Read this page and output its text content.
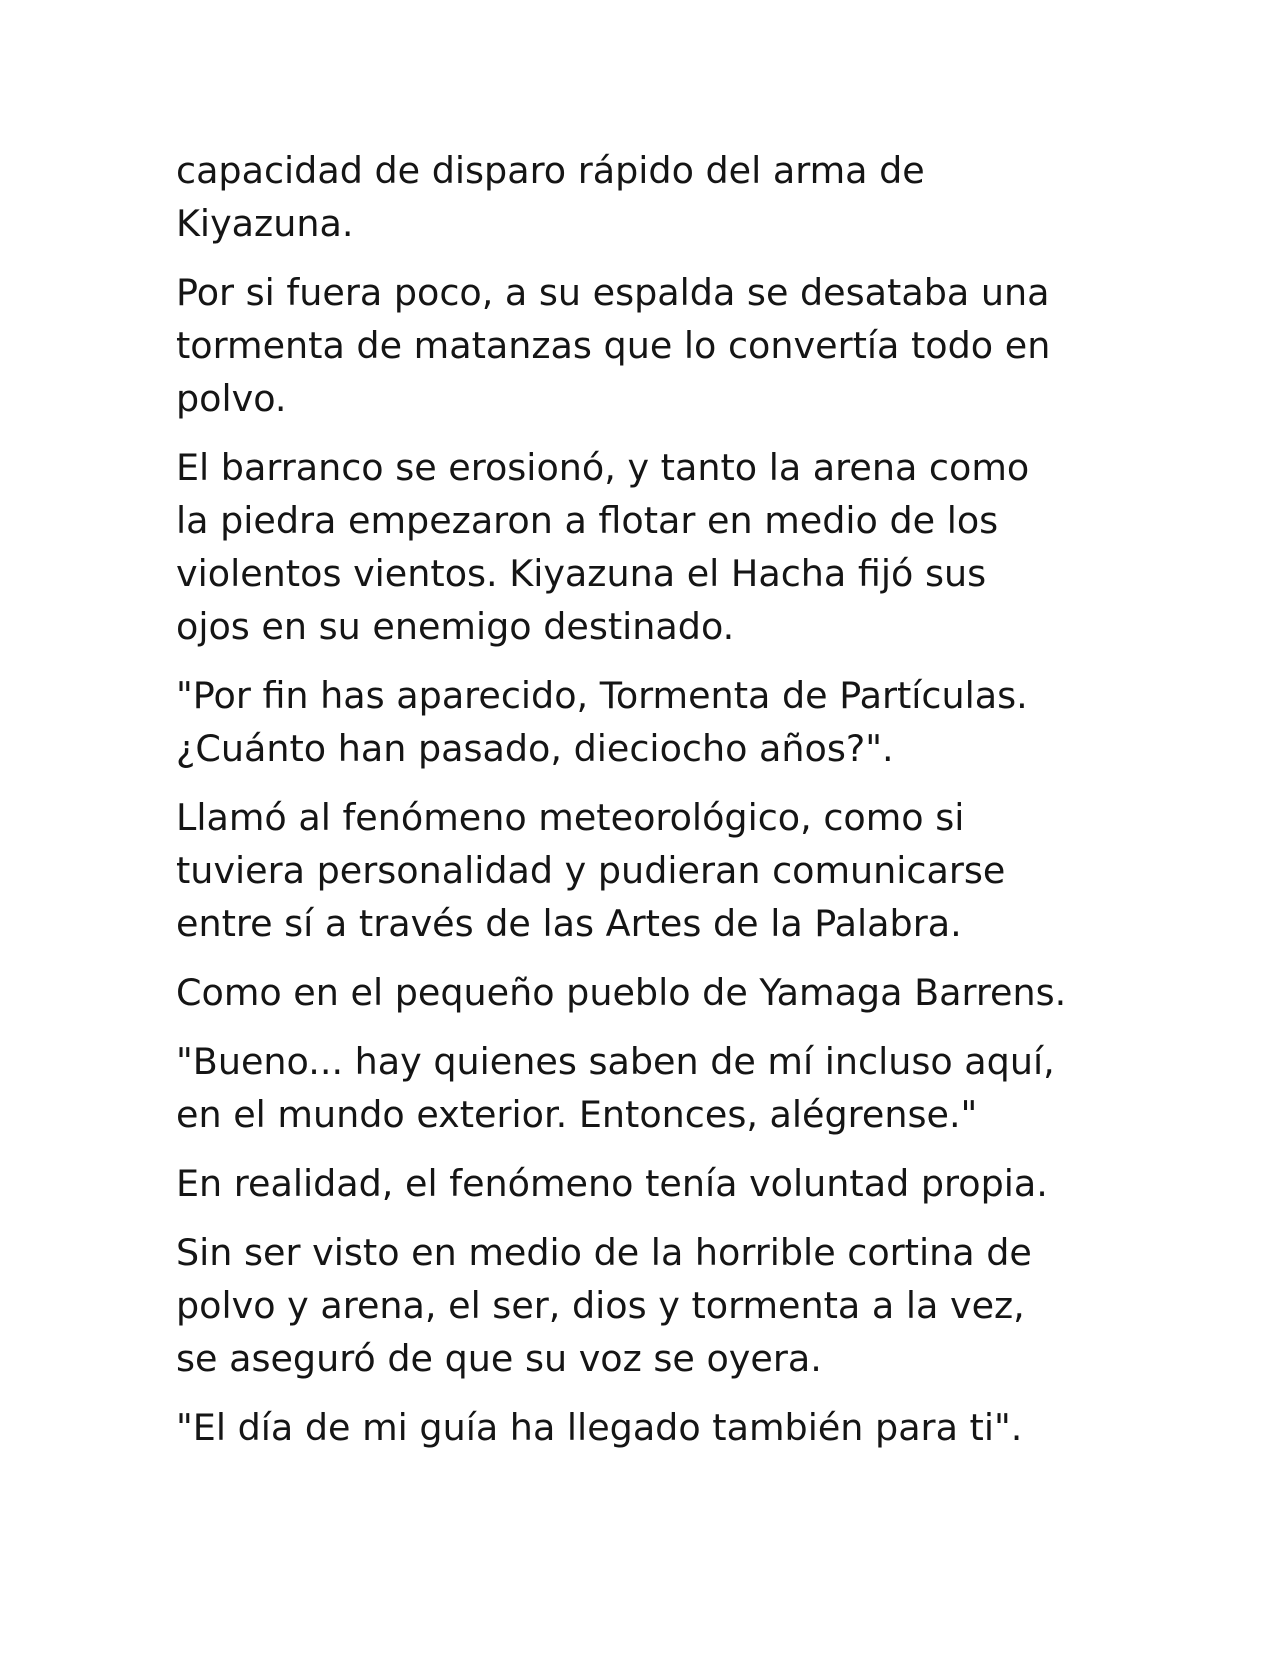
capacidad de disparo rápido del arma de
Kiyazuna.

Por si fuera poco, a su espalda se desataba una
tormenta de matanzas que lo convertía todo en
polvo.

El barranco se erosionó, y tanto la arena como
la piedra empezaron a flotar en medio de los
violentos vientos. Kiyazuna el Hacha fijó sus
ojos en su enemigo destinado.

"Por fin has aparecido, Tormenta de Partículas.
¿Cuánto han pasado, dieciocho años?".

Llamó al fenómeno meteorológico, como si
tuviera personalidad y pudieran comunicarse
entre sí a través de las Artes de la Palabra.

Como en el pequeño pueblo de Yamaga Barrens.

"Bueno... hay quienes saben de mí incluso aquí,
en el mundo exterior. Entonces, alégrense."

En realidad, el fenómeno tenía voluntad propia.

Sin ser visto en medio de la horrible cortina de
polvo y arena, el ser, dios y tormenta a la vez,
se aseguró de que su voz se oyera.

"El día de mi guía ha llegado también para ti".
